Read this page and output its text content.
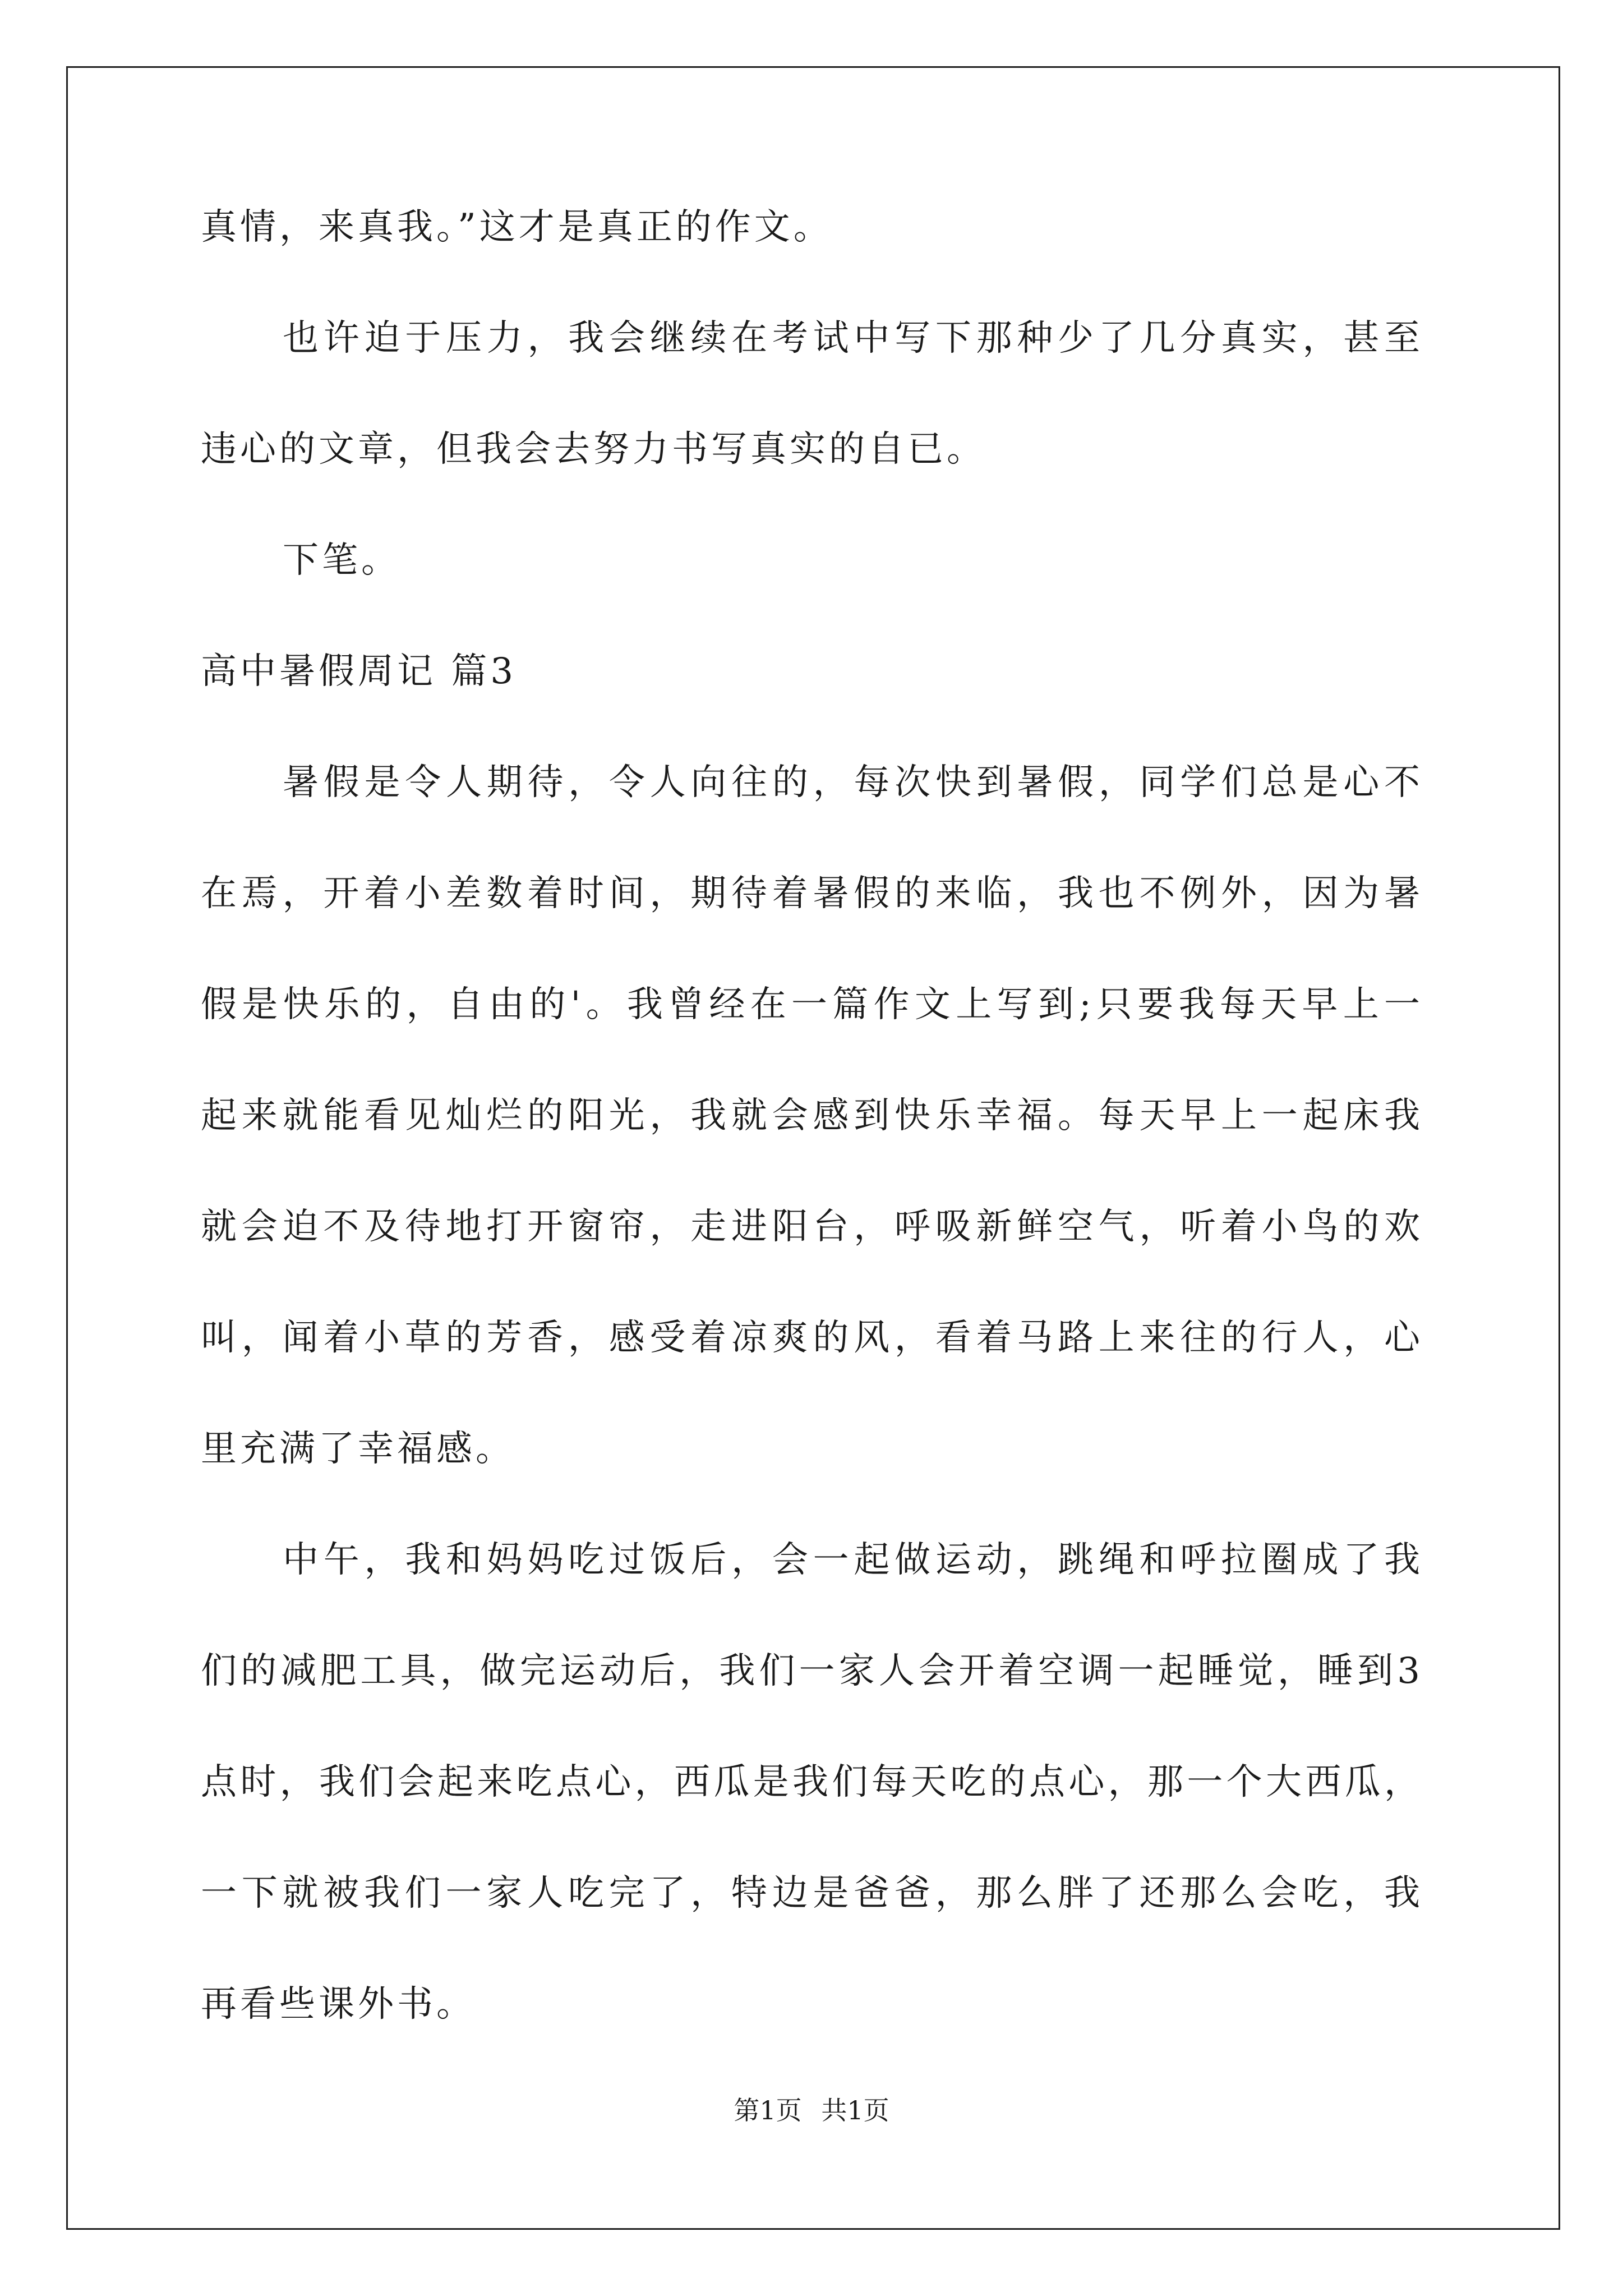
真情，来真我。”这才是真正的作文。
也许迫于压力，我会继续在考试中写下那种少了几分真实，甚至
违心的文章，但我会去努力书写真实的自已。
下笔。
高中暑假周记 篇3
暑假是令人期待，令人向往的，每次快到暑假，同学们总是心不
在焉，开着小差数着时间，期待着暑假的来临，我也不例外，因为暑
假是快乐的，自由的'。我曾经在一篇作文上写到;只要我每天早上一
起来就能看见灿烂的阳光，我就会感到快乐幸福。每天早上一起床我
就会迫不及待地打开窗帘，走进阳台，呼吸新鲜空气，听着小鸟的欢
叫，闻着小草的芳香，感受着凉爽的风，看着马路上来往的行人，心
里充满了幸福感。
中午，我和妈妈吃过饭后，会一起做运动，跳绳和呼拉圈成了我
们的减肥工具，做完运动后，我们一家人会开着空调一起睡觉，睡到3
点时，我们会起来吃点心，西瓜是我们每天吃的点心，那一个大西瓜，
一下就被我们一家人吃完了，特边是爸爸，那么胖了还那么会吃，我
再看些课外书。
第1页 共1页
